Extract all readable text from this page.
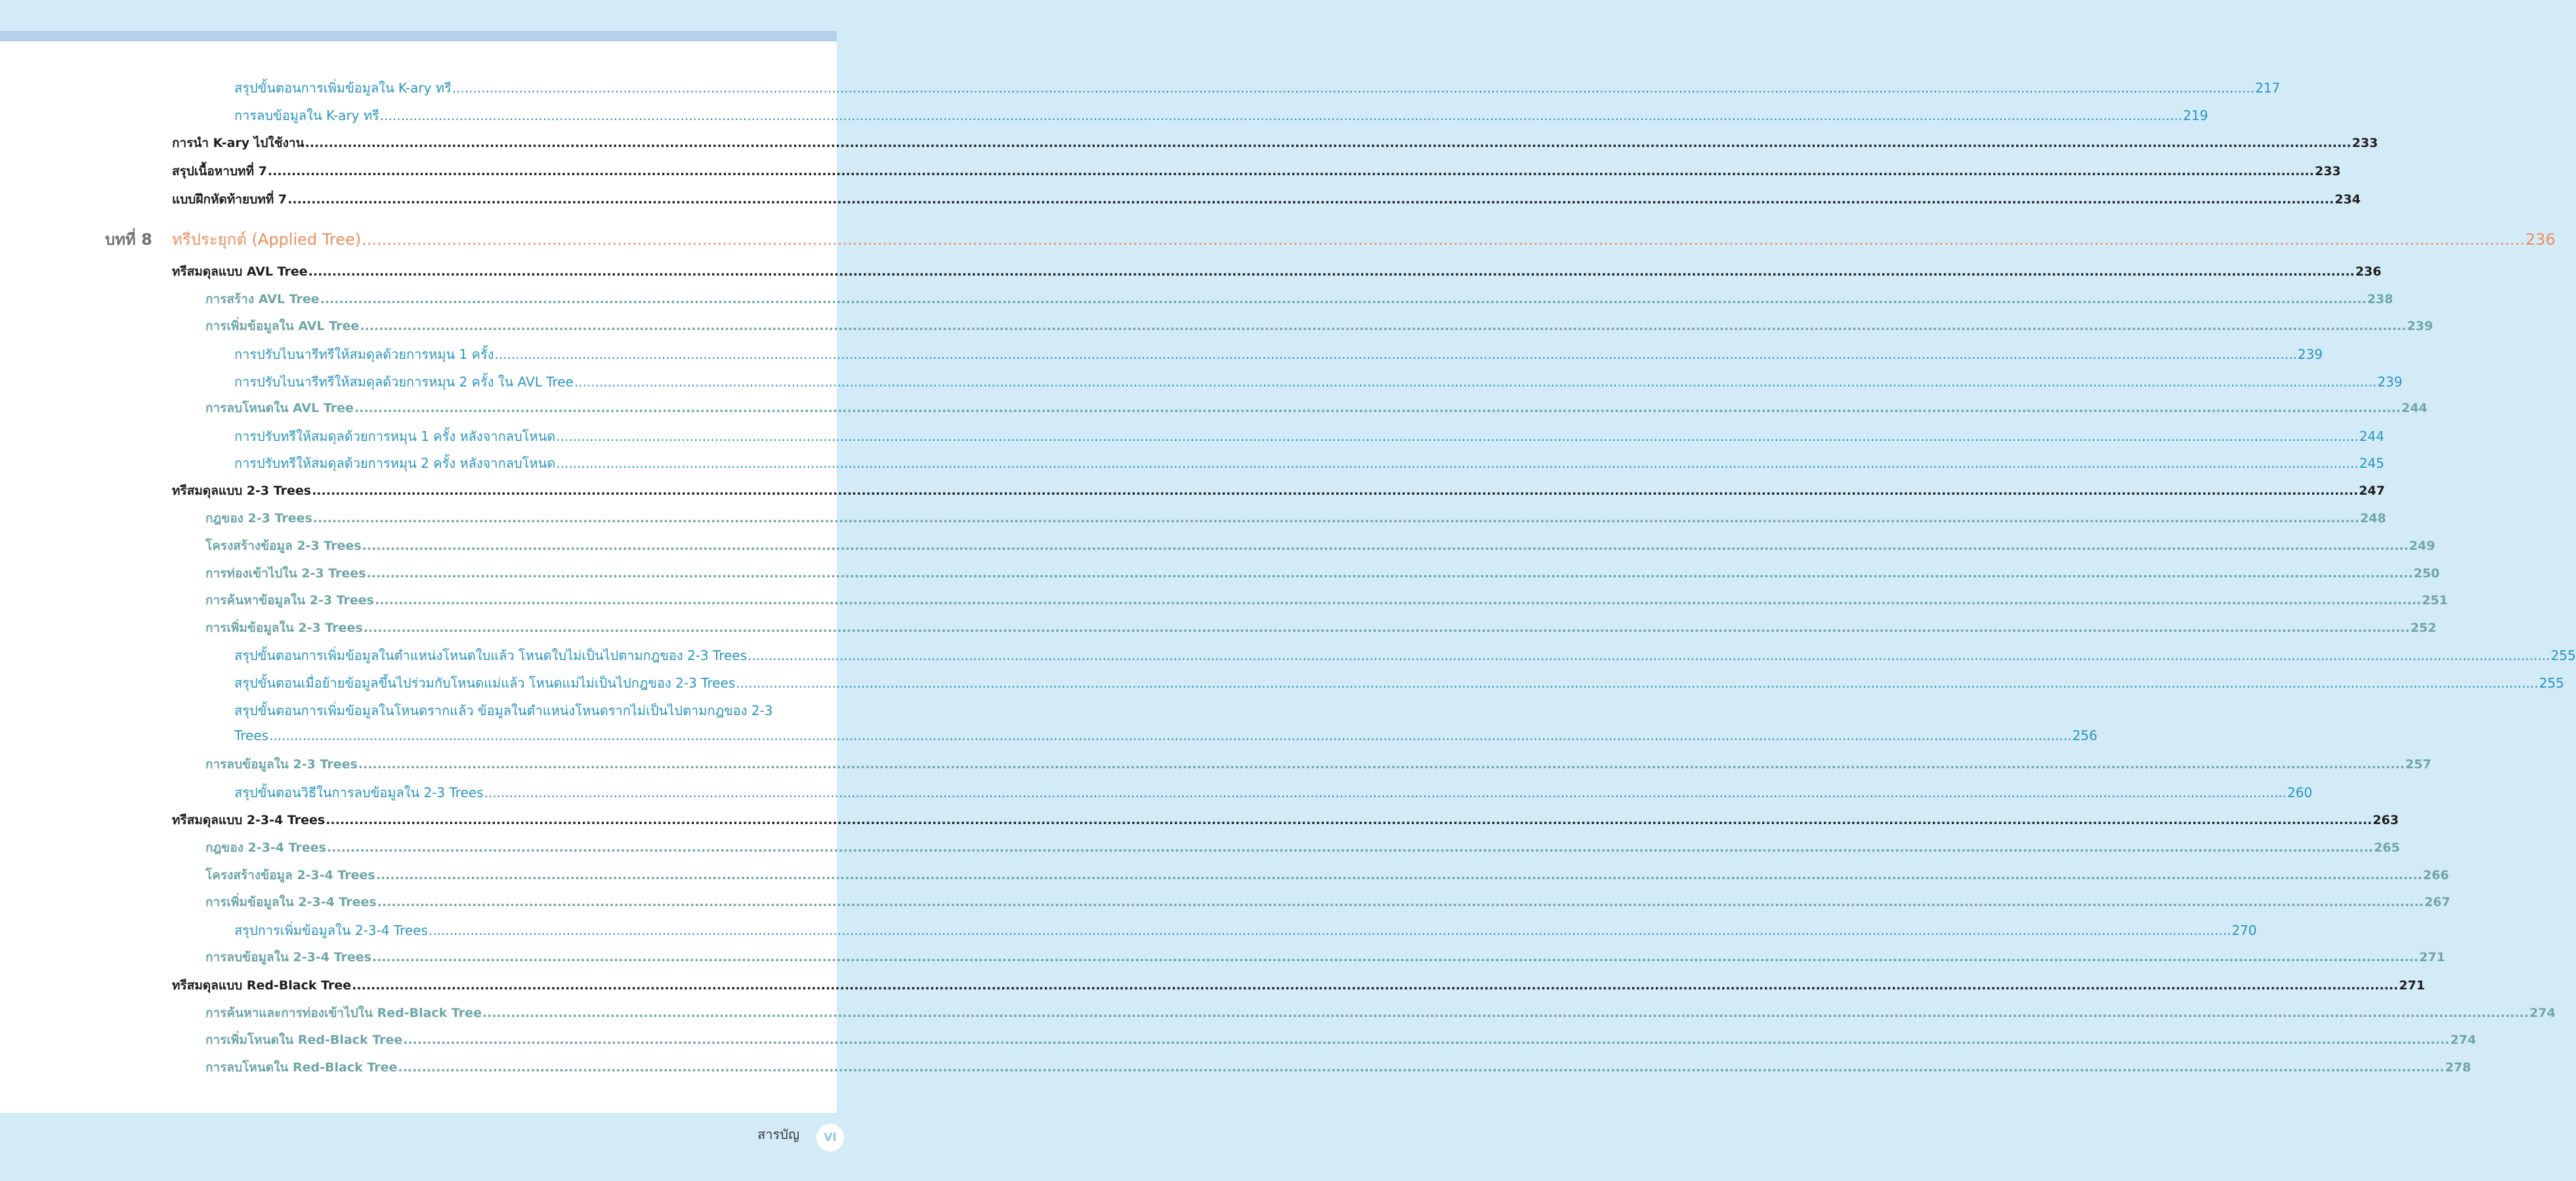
สรุปขั้นตอนการเพิ่มข้อมูลใน K-ary ทรี ................................................................................................................................................................................................................................................................................................................................................................................................................................................ 217
การลบข้อมูลใน K-ary ทรี ................................................................................................................................................................................................................................................................................................................................................................................................................................................ 219
การนำ K-ary ไปใช้งาน ................................................................................................................................................................................................................................................................................................................................................................................................................................................ 233
สรุปเนื้อหาบทที่ 7 ................................................................................................................................................................................................................................................................................................................................................................................................................................................ 233
แบบฝึกหัดท้ายบทที่ 7 ................................................................................................................................................................................................................................................................................................................................................................................................................................................ 234
บทที่ 8 ทรีประยุกต์ (Applied Tree) ................................................................................................................................................................................................................................................................................................................................................................................................................................................ 236
ทรีสมดุลแบบ AVL Tree ................................................................................................................................................................................................................................................................................................................................................................................................................................................ 236
การสร้าง AVL Tree ................................................................................................................................................................................................................................................................................................................................................................................................................................................ 238
การเพิ่มข้อมูลใน AVL Tree ................................................................................................................................................................................................................................................................................................................................................................................................................................................ 239
การปรับไบนารีทรีให้สมดุลด้วยการหมุน 1 ครั้ง ................................................................................................................................................................................................................................................................................................................................................................................................................................................ 239
การปรับไบนารีทรีให้สมดุลด้วยการหมุน 2 ครั้ง ใน AVL Tree ................................................................................................................................................................................................................................................................................................................................................................................................................................................ 239
การลบโหนดใน AVL Tree ................................................................................................................................................................................................................................................................................................................................................................................................................................................ 244
การปรับทรีให้สมดุลด้วยการหมุน 1 ครั้ง หลังจากลบโหนด ................................................................................................................................................................................................................................................................................................................................................................................................................................................ 244
การปรับทรีให้สมดุลด้วยการหมุน 2 ครั้ง หลังจากลบโหนด ................................................................................................................................................................................................................................................................................................................................................................................................................................................ 245
ทรีสมดุลแบบ 2-3 Trees ................................................................................................................................................................................................................................................................................................................................................................................................................................................ 247
กฎของ 2-3 Trees ................................................................................................................................................................................................................................................................................................................................................................................................................................................ 248
โครงสร้างข้อมูล 2-3 Trees ................................................................................................................................................................................................................................................................................................................................................................................................................................................ 249
การท่องเข้าไปใน 2-3 Trees ................................................................................................................................................................................................................................................................................................................................................................................................................................................ 250
การค้นหาข้อมูลใน 2-3 Trees ................................................................................................................................................................................................................................................................................................................................................................................................................................................ 251
การเพิ่มข้อมูลใน 2-3 Trees ................................................................................................................................................................................................................................................................................................................................................................................................................................................ 252
สรุปขั้นตอนการเพิ่มข้อมูลในตำแหน่งโหนดใบแล้ว โหนดใบไม่เป็นไปตามกฎของ 2-3 Trees ................................................................................................................................................................................................................................................................................................................................................................................................................................................ 255
สรุปขั้นตอนเมื่อย้ายข้อมูลขึ้นไปร่วมกับโหนดแม่แล้ว โหนดแม่ไม่เป็นไปกฎของ 2-3 Trees ................................................................................................................................................................................................................................................................................................................................................................................................................................................ 255
สรุปขั้นตอนการเพิ่มข้อมูลในโหนดรากแล้ว ข้อมูลในตำแหน่งโหนดรากไม่เป็นไปตามกฎของ 2-3
Trees ................................................................................................................................................................................................................................................................................................................................................................................................................................................ 256
การลบข้อมูลใน 2-3 Trees ................................................................................................................................................................................................................................................................................................................................................................................................................................................ 257
สรุปขั้นตอนวิธีในการลบข้อมูลใน 2-3 Trees ................................................................................................................................................................................................................................................................................................................................................................................................................................................ 260
ทรีสมดุลแบบ 2-3-4 Trees ................................................................................................................................................................................................................................................................................................................................................................................................................................................ 263
กฎของ 2-3-4 Trees ................................................................................................................................................................................................................................................................................................................................................................................................................................................ 265
โครงสร้างข้อมูล 2-3-4 Trees ................................................................................................................................................................................................................................................................................................................................................................................................................................................ 266
การเพิ่มข้อมูลใน 2-3-4 Trees ................................................................................................................................................................................................................................................................................................................................................................................................................................................ 267
สรุปการเพิ่มข้อมูลใน 2-3-4 Trees ................................................................................................................................................................................................................................................................................................................................................................................................................................................ 270
การลบข้อมูลใน 2-3-4 Trees ................................................................................................................................................................................................................................................................................................................................................................................................................................................ 271
ทรีสมดุลแบบ Red-Black Tree ................................................................................................................................................................................................................................................................................................................................................................................................................................................ 271
การค้นหาและการท่องเข้าไปใน Red-Black Tree ................................................................................................................................................................................................................................................................................................................................................................................................................................................ 274
การเพิ่มโหนดใน Red-Black Tree ................................................................................................................................................................................................................................................................................................................................................................................................................................................ 274
การลบโหนดใน Red-Black Tree ................................................................................................................................................................................................................................................................................................................................................................................................................................................ 278
สารบัญ	VI
